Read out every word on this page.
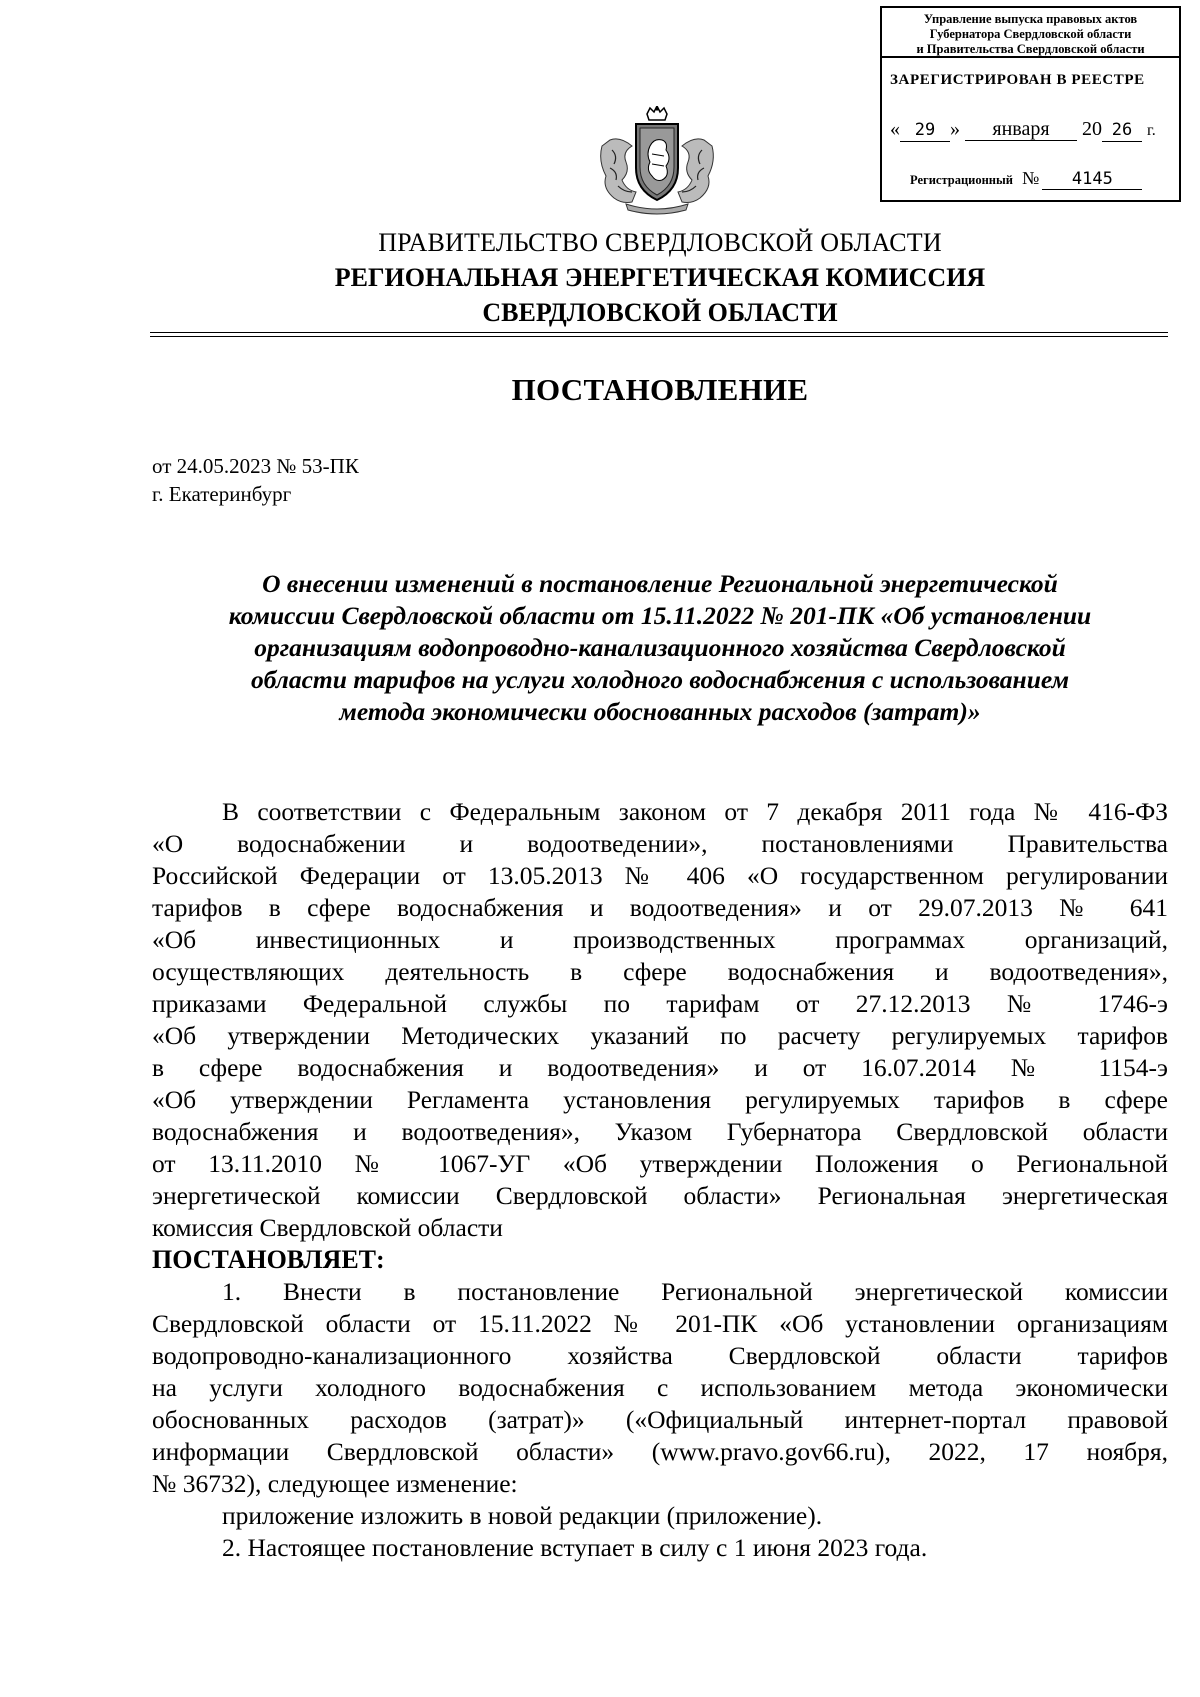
Управление выпуска правовых актов
Губернатора Свердловской области
и Правительства Свердловской области
ЗАРЕГИСТРИРОВАН В РЕЕСТРЕ
« 29 » января 20 26 г.
Регистрационный № 4145
ПРАВИТЕЛЬСТВО СВЕРДЛОВСКОЙ ОБЛАСТИ
РЕГИОНАЛЬНАЯ ЭНЕРГЕТИЧЕСКАЯ КОМИССИЯ
СВЕРДЛОВСКОЙ ОБЛАСТИ
ПОСТАНОВЛЕНИЕ
от 24.05.2023 № 53-ПК
г. Екатеринбург
О внесении изменений в постановление Региональной энергетической
комиссии Свердловской области от 15.11.2022 № 201-ПК «Об установлении
организациям водопроводно-канализационного хозяйства Свердловской
области тарифов на услуги холодного водоснабжения с использованием
метода экономически обоснованных расходов (затрат)»
В соответствии с Федеральным законом от 7 декабря 2011 года № 416-ФЗ
«О водоснабжении и водоотведении», постановлениями Правительства
Российской Федерации от 13.05.2013 № 406 «О государственном регулировании
тарифов в сфере водоснабжения и водоотведения» и от 29.07.2013 № 641
«Об инвестиционных и производственных программах организаций,
осуществляющих деятельность в сфере водоснабжения и водоотведения»,
приказами Федеральной службы по тарифам от 27.12.2013 № 1746-э
«Об утверждении Методических указаний по расчету регулируемых тарифов
в сфере водоснабжения и водоотведения» и от 16.07.2014 № 1154-э
«Об утверждении Регламента установления регулируемых тарифов в сфере
водоснабжения и водоотведения», Указом Губернатора Свердловской области
от 13.11.2010 № 1067-УГ «Об утверждении Положения о Региональной
энергетической комиссии Свердловской области» Региональная энергетическая
комиссия Свердловской области
ПОСТАНОВЛЯЕТ:
1. Внести в постановление Региональной энергетической комиссии
Свердловской области от 15.11.2022 № 201-ПК «Об установлении организациям
водопроводно-канализационного хозяйства Свердловской области тарифов
на услуги холодного водоснабжения с использованием метода экономически
обоснованных расходов (затрат)» («Официальный интернет-портал правовой
информации Свердловской области» (www.pravo.gov66.ru), 2022, 17 ноября,
№ 36732), следующее изменение:
приложение изложить в новой редакции (приложение).
2. Настоящее постановление вступает в силу с 1 июня 2023 года.
